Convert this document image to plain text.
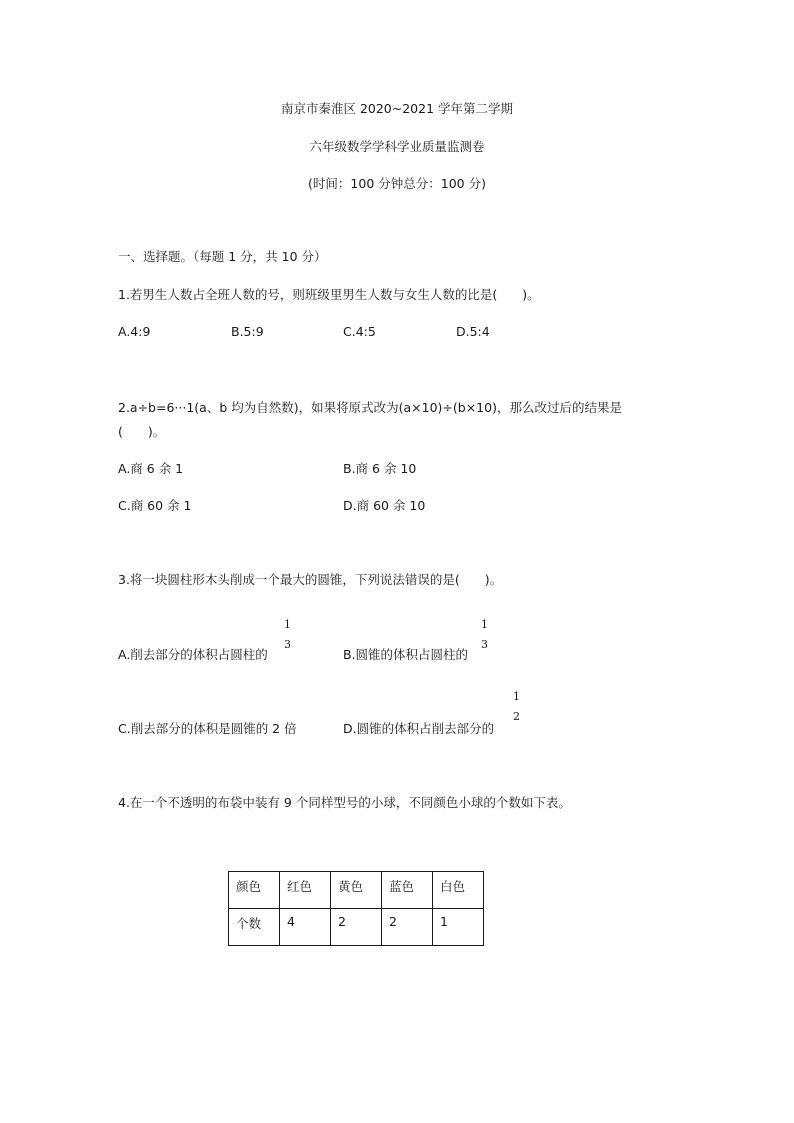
南京市秦淮区 2020~2021 学年第二学期
六年级数学学科学业质量监测卷
(时间：100 分钟总分：100 分)
一、选择题。（每题 1 分，共 10 分）
1.若男生人数占全班人数的号，则班级里男生人数与女生人数的比是(　　)。
A.4:9	B.5:9	C.4:5	D.5:4
2.a÷b=6···1(a、b 均为自然数)，如果将原式改为(a×10)÷(b×10)，那么改过后的结果是
(　　)。
A.商 6 余 1	B.商 6 余 10
C.商 60 余 1	D.商 60 余 10
3.将一块圆柱形木头削成一个最大的圆锥，下列说法错误的是(　　)。
A.削去部分的体积占圆柱的
1
3
B.圆锥的体积占圆柱的
1
3
C.削去部分的体积是圆锥的 2 倍	D.圆锥的体积占削去部分的
1
2
4.在一个不透明的布袋中装有 9 个同样型号的小球，不同颜色小球的个数如下表。
颜色	红色	黄色	蓝色	白色

个数	4	2	2	1
